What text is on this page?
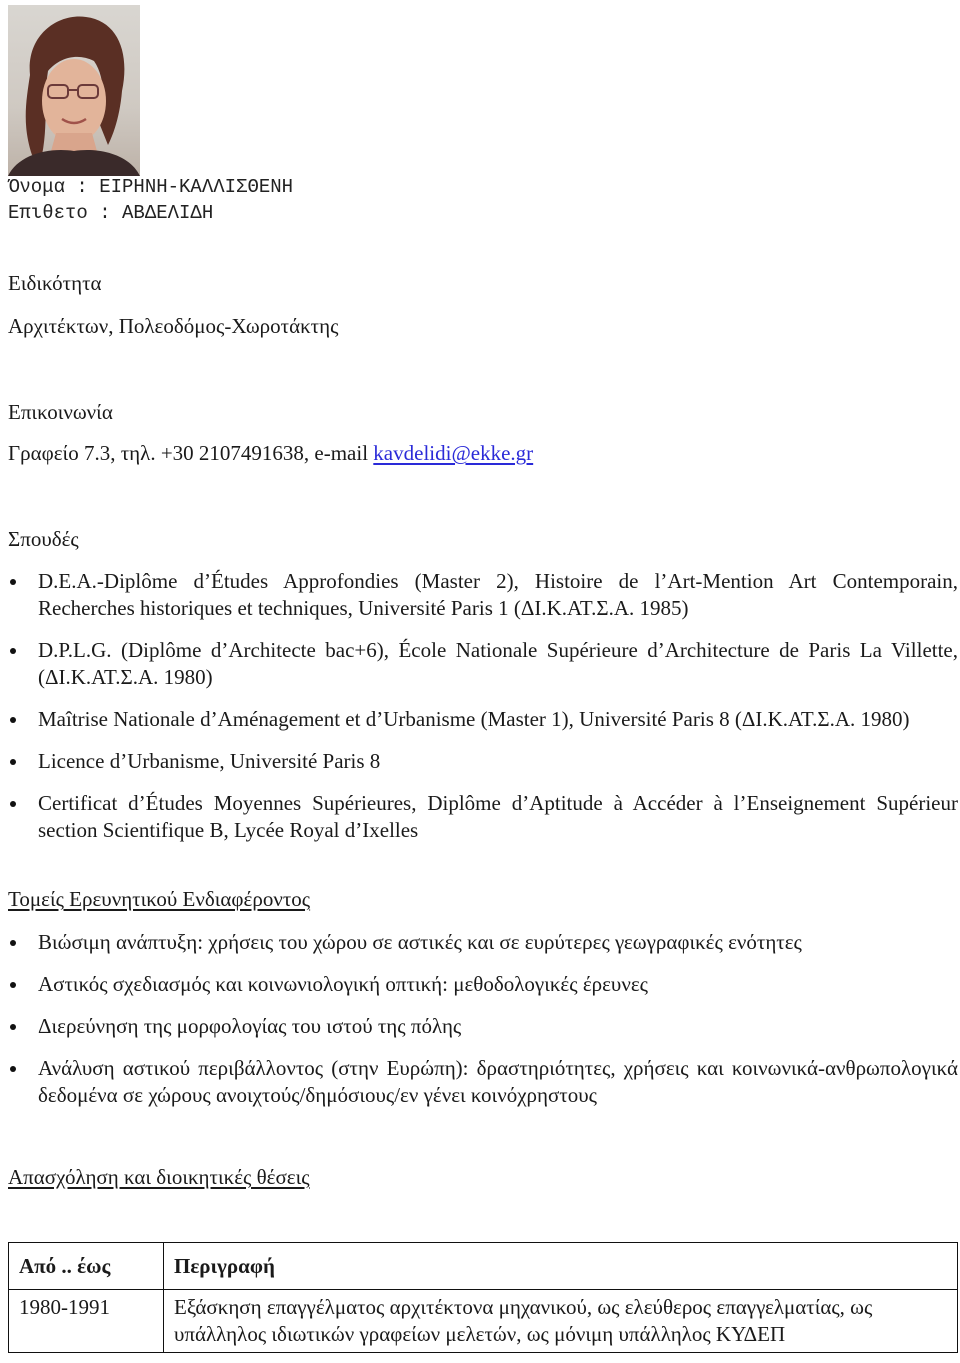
Όνομα : ΕΙΡΗΝΗ-ΚΑΛΛΙΣΘΕΝΗ
Επιθετο : ΑΒΔΕΛΙΔΗ
Ειδικότητα
Αρχιτέκτων, Πολεοδόμος-Χωροτάκτης
Επικοινωνία
Γραφείο 7.3, τηλ. +30 2107491638, e-mail kavdelidi@ekke.gr
Σπουδές
D.E.A.-Diplôme d’Études Approfondies (Master 2), Histoire de l’Art-Mention Art Contemporain, Recherches historiques et techniques, Université Paris 1 (ΔΙ.Κ.ΑΤ.Σ.Α. 1985)
D.P.L.G. (Diplôme d’Architecte bac+6), École Nationale Supérieure d’Architecture de Paris La Villette, (ΔΙ.Κ.ΑΤ.Σ.Α. 1980)
Maîtrise Nationale d’Aménagement et d’Urbanisme (Master 1), Université Paris 8 (ΔΙ.Κ.ΑΤ.Σ.Α. 1980)
Licence d’Urbanisme, Université Paris 8
Certificat d’Études Moyennes Supérieures, Diplôme d’Aptitude à Accéder à l’Enseignement Supérieur section Scientifique B, Lycée Royal d’Ixelles
Τομείς Ερευνητικού Ενδιαφέροντος
Βιώσιμη ανάπτυξη: χρήσεις του χώρου σε αστικές και σε ευρύτερες γεωγραφικές ενότητες
Αστικός σχεδιασμός και κοινωνιολογική οπτική: μεθοδολογικές έρευνες
Διερεύνηση της μορφολογίας του ιστού της πόλης
Ανάλυση αστικού περιβάλλοντος (στην Ευρώπη): δραστηριότητες, χρήσεις και κοινωνικά-ανθρωπολογικά δεδομένα σε χώρους ανοιχτούς/δημόσιους/εν γένει κοινόχρηστους
Απασχόληση και διοικητικές θέσεις
Από .. έως	Περιγραφή
1980-1991	Εξάσκηση επαγγέλματος αρχιτέκτονα μηχανικού, ως ελεύθερος επαγγελματίας, ως υπάλληλος ιδιωτικών γραφείων μελετών, ως μόνιμη υπάλληλος ΚΥΔΕΠ
